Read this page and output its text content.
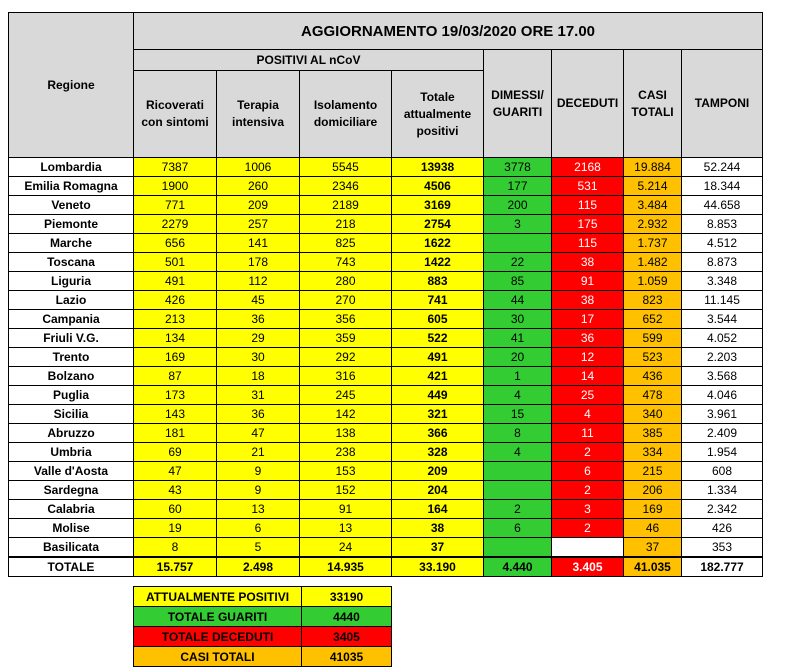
Regione	AGGIORNAMENTO 19/03/2020 ORE 17.00							
	POSITIVI AL nCoV				DIMESSI/ GUARITI	DECEDUTI	CASI TOTALI	TAMPONI
	Ricoverati con sintomi	Terapia intensiva	Isolamento domiciliare	Totale attualmente positivi				
Lombardia	7387	1006	5545	13938	3778	2168	19.884	52.244
Emilia Romagna	1900	260	2346	4506	177	531	5.214	18.344
Veneto	771	209	2189	3169	200	115	3.484	44.658
Piemonte	2279	257	218	2754	3	175	2.932	8.853
Marche	656	141	825	1622		115	1.737	4.512
Toscana	501	178	743	1422	22	38	1.482	8.873
Liguria	491	112	280	883	85	91	1.059	3.348
Lazio	426	45	270	741	44	38	823	11.145
Campania	213	36	356	605	30	17	652	3.544
Friuli V.G.	134	29	359	522	41	36	599	4.052
Trento	169	30	292	491	20	12	523	2.203
Bolzano	87	18	316	421	1	14	436	3.568
Puglia	173	31	245	449	4	25	478	4.046
Sicilia	143	36	142	321	15	4	340	3.961
Abruzzo	181	47	138	366	8	11	385	2.409
Umbria	69	21	238	328	4	2	334	1.954
Valle d'Aosta	47	9	153	209		6	215	608
Sardegna	43	9	152	204		2	206	1.334
Calabria	60	13	91	164	2	3	169	2.342
Molise	19	6	13	38	6	2	46	426
Basilicata	8	5	24	37			37	353
TOTALE	15.757	2.498	14.935	33.190	4.440	3.405	41.035	182.777
ATTUALMENTE POSITIVI	33190
TOTALE GUARITI	4440
TOTALE DECEDUTI	3405
CASI TOTALI	41035
